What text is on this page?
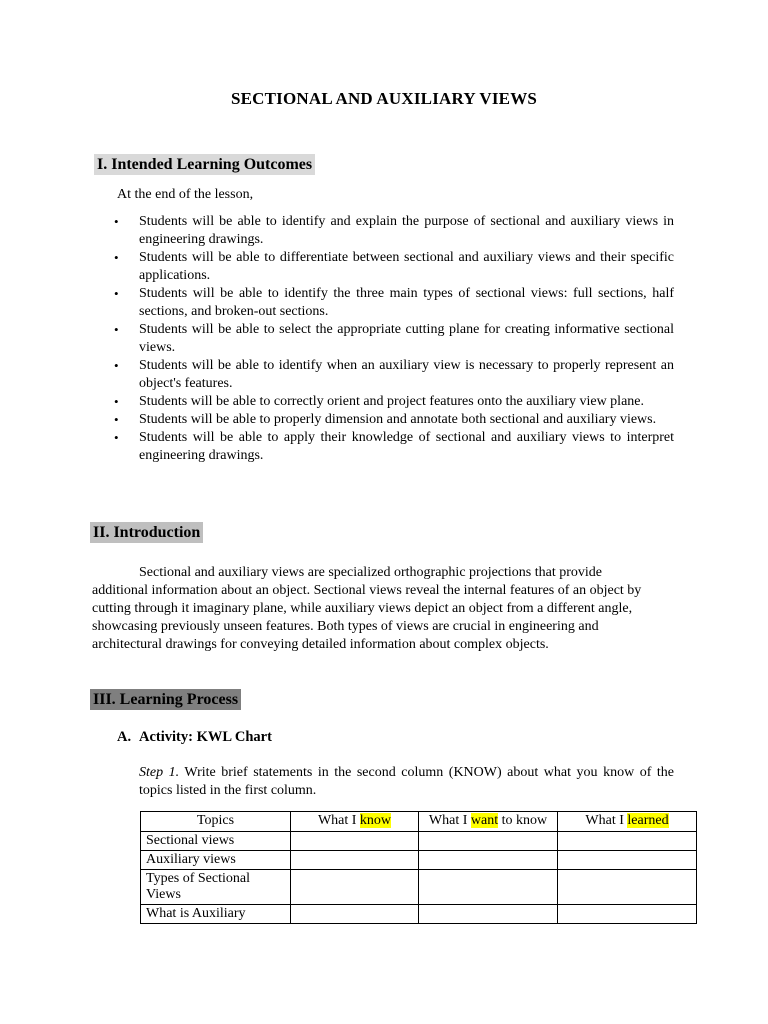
SECTIONAL AND AUXILIARY VIEWS
I. Intended Learning Outcomes
At the end of the lesson,
• Students will be able to identify and explain the purpose of sectional and auxiliary views in engineering drawings.
• Students will be able to differentiate between sectional and auxiliary views and their specific applications.
• Students will be able to identify the three main types of sectional views: full sections, half sections, and broken-out sections.
• Students will be able to select the appropriate cutting plane for creating informative sectional views.
• Students will be able to identify when an auxiliary view is necessary to properly represent an object's features.
• Students will be able to correctly orient and project features onto the auxiliary view plane.
• Students will be able to properly dimension and annotate both sectional and auxiliary views.
• Students will be able to apply their knowledge of sectional and auxiliary views to interpret engineering drawings.
II. Introduction

Sectional and auxiliary views are specialized orthographic projections that provide additional information about an object. Sectional views reveal the internal features of an object by cutting through it imaginary plane, while auxiliary views depict an object from a different angle, showcasing previously unseen features. Both types of views are crucial in engineering and architectural drawings for conveying detailed information about complex objects.

III. Learning Process
A. Activity: KWL Chart

Step 1. Write brief statements in the second column (KNOW) about what you know of the topics listed in the first column.

Topics	What I know	What I want to know	What I learned
Sectional views			
Auxiliary views			
Types of Sectional Views			
What is Auxiliary			
